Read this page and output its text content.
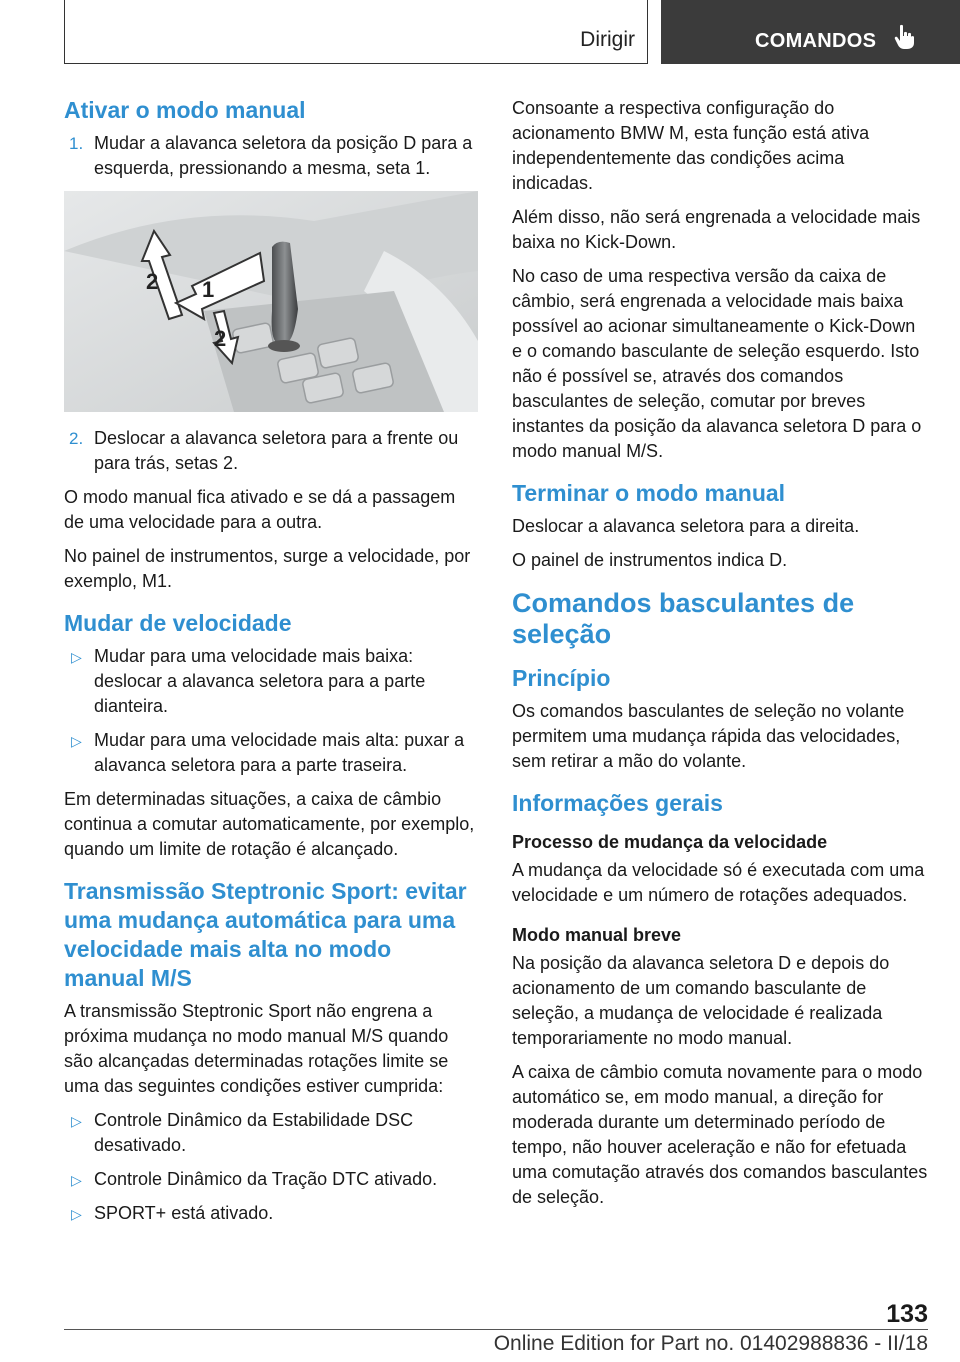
Dirigir	COMANDOS
Ativar o modo manual
1. Mudar a alavanca seletora da posição D para a esquerda, pressionando a mesma, seta 1.
2 1
2
2. Deslocar a alavanca seletora para a frente ou para trás, setas 2.

O modo manual fica ativado e se dá a passagem de uma velocidade para a outra.

No painel de instrumentos, surge a velocidade, por exemplo, M1.

Mudar de velocidade
▷ Mudar para uma velocidade mais baixa: deslocar a alavanca seletora para a parte dianteira.
▷ Mudar para uma velocidade mais alta: puxar a alavanca seletora para a parte traseira.

Em determinadas situações, a caixa de câmbio continua a comutar automaticamente, por exemplo, quando um limite de rotação é alcançado.

Transmissão Steptronic Sport: evitar uma mudança automática para uma velocidade mais alta no modo manual M/S

A transmissão Steptronic Sport não engrena a próxima mudança no modo manual M/S quando são alcançadas determinadas rotações limite se uma das seguintes condições estiver cumprida:

▷ Controle Dinâmico da Estabilidade DSC desativado.
▷ Controle Dinâmico da Tração DTC ativado.
▷ SPORT+ está ativado.

Consoante a respectiva configuração do acionamento BMW M, esta função está ativa independentemente das condições acima indicadas.

Além disso, não será engrenada a velocidade mais baixa no Kick-Down.

No caso de uma respectiva versão da caixa de câmbio, será engrenada a velocidade mais baixa possível ao acionar simultaneamente o Kick-Down e o comando basculante de seleção esquerdo. Isto não é possível se, através dos comandos basculantes de seleção, comutar por breves instantes da posição da alavanca seletora D para o modo manual M/S.

Terminar o modo manual

Deslocar a alavanca seletora para a direita.

O painel de instrumentos indica D.

Comandos basculantes de seleção
Princípio

Os comandos basculantes de seleção no volante permitem uma mudança rápida das velocidades, sem retirar a mão do volante.

Informações gerais
Processo de mudança da velocidade

A mudança da velocidade só é executada com uma velocidade e um número de rotações adequados.

Modo manual breve

Na posição da alavanca seletora D e depois do acionamento de um comando basculante de seleção, a mudança de velocidade é realizada temporariamente no modo manual.

A caixa de câmbio comuta novamente para o modo automático se, em modo manual, a direção for moderada durante um determinado período de tempo, não houver aceleração e não for efetuada uma comutação através dos comandos basculantes de seleção.

133
Online Edition for Part no. 01402988836 - II/18
